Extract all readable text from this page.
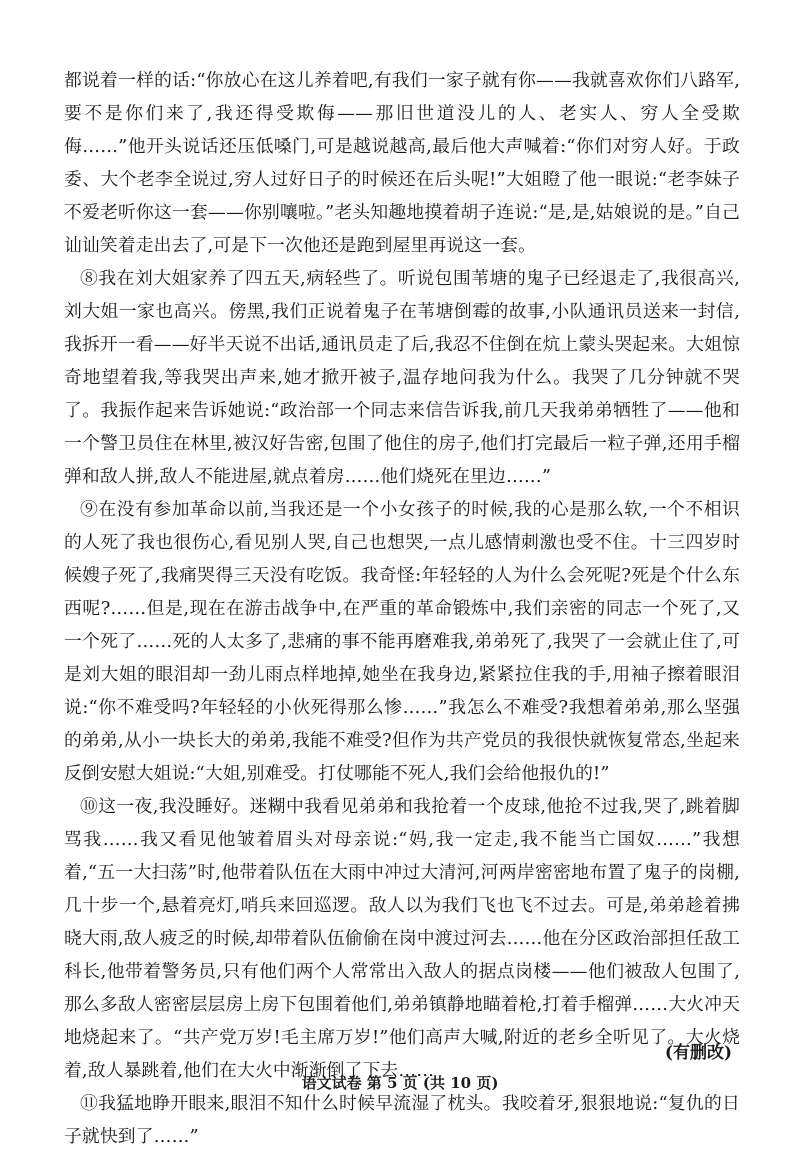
都说着一样的话:“你放心在这儿养着吧,有我们一家子就有你——我就喜欢你们八路军,要不是你们来了,我还得受欺侮——那旧世道没儿的人、老实人、穷人全受欺侮……”他开头说话还压低嗓门,可是越说越高,最后他大声喊着:“你们对穷人好。于政委、大个老李全说过,穷人过好日子的时候还在后头呢!”大姐瞪了他一眼说:“老李妹子不爱老听你这一套——你别嚷啦。”老头知趣地摸着胡子连说:“是,是,姑娘说的是。”自己讪讪笑着走出去了,可是下一次他还是跑到屋里再说这一套。

⑧我在刘大姐家养了四五天,病轻些了。听说包围苇塘的鬼子已经退走了,我很高兴,刘大姐一家也高兴。傍黑,我们正说着鬼子在苇塘倒霉的故事,小队通讯员送来一封信,我拆开一看——好半天说不出话,通讯员走了后,我忍不住倒在炕上蒙头哭起来。大姐惊奇地望着我,等我哭出声来,她才掀开被子,温存地问我为什么。我哭了几分钟就不哭了。我振作起来告诉她说:“政治部一个同志来信告诉我,前几天我弟弟牺牲了——他和一个警卫员住在林里,被汉好告密,包围了他住的房子,他们打完最后一粒子弹,还用手榴弹和敌人拼,敌人不能进屋,就点着房……他们烧死在里边……”

⑨在没有参加革命以前,当我还是一个小女孩子的时候,我的心是那么软,一个不相识的人死了我也很伤心,看见别人哭,自己也想哭,一点儿感情刺激也受不住。十三四岁时候嫂子死了,我痛哭得三天没有吃饭。我奇怪:年轻轻的人为什么会死呢?死是个什么东西呢?……但是,现在在游击战争中,在严重的革命锻炼中,我们亲密的同志一个死了,又一个死了……死的人太多了,悲痛的事不能再磨难我,弟弟死了,我哭了一会就止住了,可是刘大姐的眼泪却一劲儿雨点样地掉,她坐在我身边,紧紧拉住我的手,用袖子擦着眼泪说:“你不难受吗?年轻轻的小伙死得那么惨……”我怎么不难受?我想着弟弟,那么坚强的弟弟,从小一块长大的弟弟,我能不难受?但作为共产党员的我很快就恢复常态,坐起来反倒安慰大姐说:“大姐,别难受。打仗哪能不死人,我们会给他报仇的!”

⑩这一夜,我没睡好。迷糊中我看见弟弟和我抢着一个皮球,他抢不过我,哭了,跳着脚骂我……我又看见他皱着眉头对母亲说:“妈,我一定走,我不能当亡国奴……”我想着,“五一大扫荡”时,他带着队伍在大雨中冲过大清河,河两岸密密地布置了鬼子的岗棚,几十步一个,悬着亮灯,哨兵来回巡逻。敌人以为我们飞也飞不过去。可是,弟弟趁着拂晓大雨,敌人疲乏的时候,却带着队伍偷偷在岗中渡过河去……他在分区政治部担任敌工科长,他带着警务员,只有他们两个人常常出入敌人的据点岗楼——他们被敌人包围了,那么多敌人密密层层房上房下包围着他们,弟弟镇静地瞄着枪,打着手榴弹……大火冲天地烧起来了。“共产党万岁!毛主席万岁!”他们高声大喊,附近的老乡全听见了。大火烧着,敌人暴跳着,他们在大火中渐渐倒了下去……

⑪我猛地睁开眼来,眼泪不知什么时候早流湿了枕头。我咬着牙,狠狠地说:“复仇的日子就快到了……”

(有删改)
语文试卷 第 5 页 (共 10 页)
